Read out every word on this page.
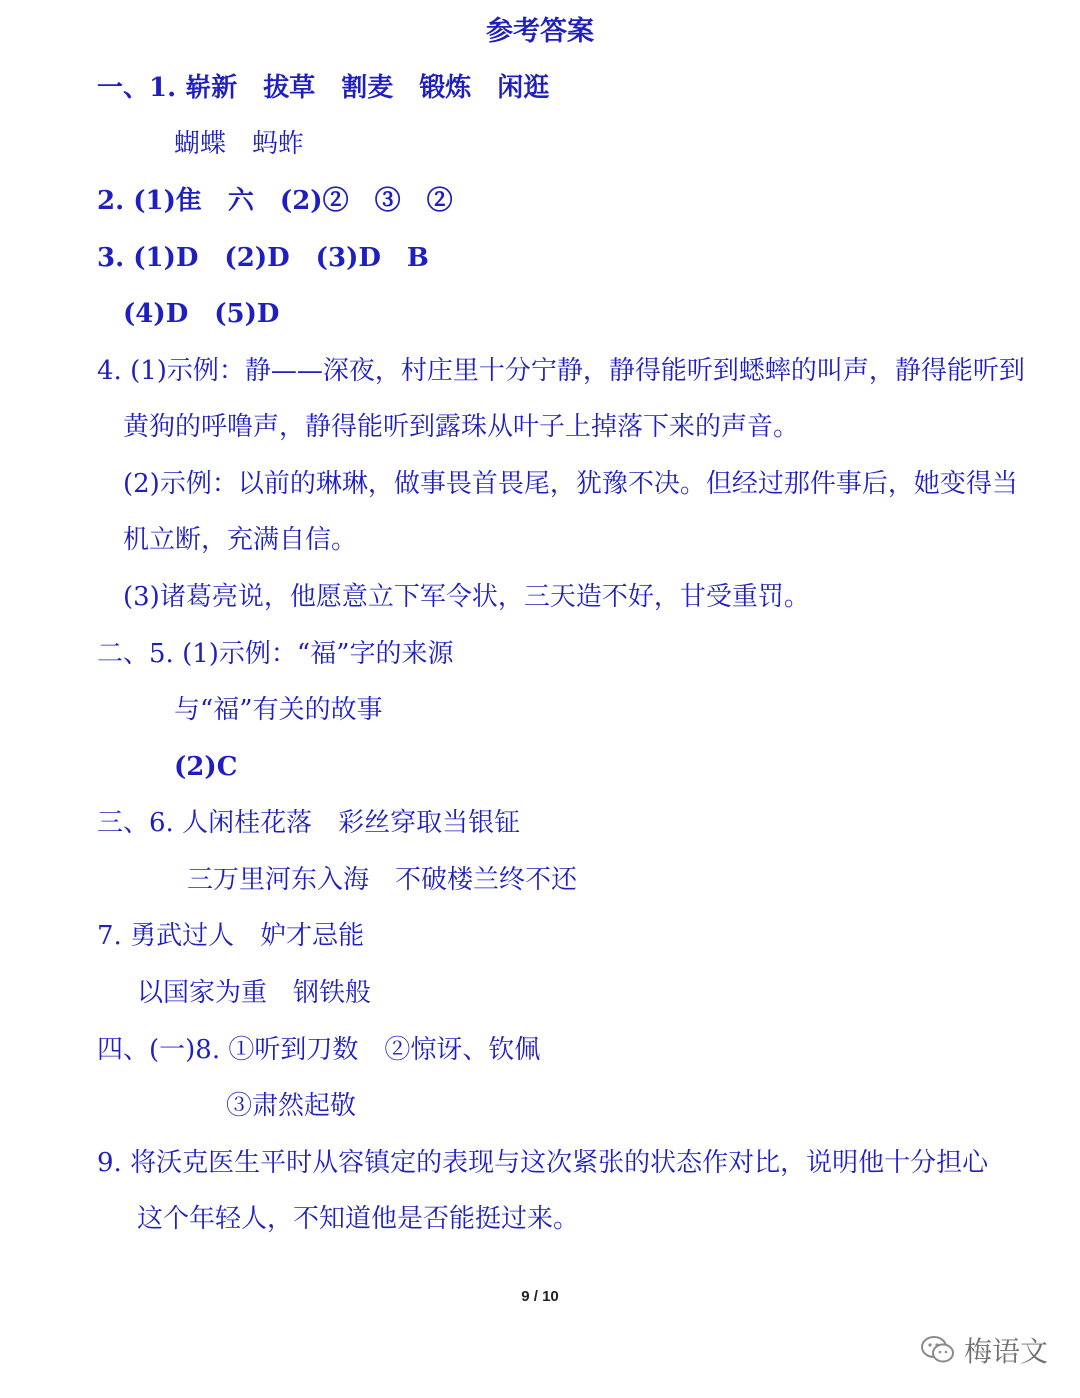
参考答案
一、1. 崭新　拔草　割麦　锻炼　闲逛
蝴蝶　蚂蚱
2. (1)隹　六　(2)②　③　②
3. (1)D　(2)D　(3)D　B
(4)D　(5)D
4. (1)示例：静——深夜，村庄里十分宁静，静得能听到蟋蟀的叫声，静得能听到
黄狗的呼噜声，静得能听到露珠从叶子上掉落下来的声音。
(2)示例：以前的琳琳，做事畏首畏尾，犹豫不决。但经过那件事后，她变得当
机立断，充满自信。
(3)诸葛亮说，他愿意立下军令状，三天造不好，甘受重罚。
二、5. (1)示例：“福”字的来源
与“福”有关的故事
(2)C
三、6. 人闲桂花落　彩丝穿取当银钲
三万里河东入海　不破楼兰终不还
7. 勇武过人　妒才忌能
以国家为重　钢铁般
四、(一)8. ①听到刀数　②惊讶、钦佩
③肃然起敬
9. 将沃克医生平时从容镇定的表现与这次紧张的状态作对比，说明他十分担心
这个年轻人，不知道他是否能挺过来。
9 / 10
梅语文
